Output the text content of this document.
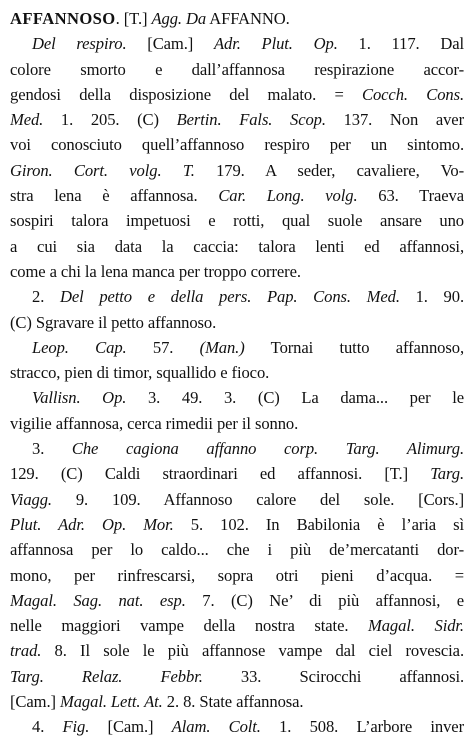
AFFANNOSO. [T.] Agg. Da AFFANNO.
Del respiro. [Cam.] Adr. Plut. Op. 1. 117. Dal
colore smorto e dall’affannosa respirazione accor-
gendosi della disposizione del malato. = Cocch. Cons.
Med. 1. 205. (C) Bertin. Fals. Scop. 137. Non aver
voi conosciuto quell’affannoso respiro per un sintomo.
Giron. Cort. volg. T. 179. A seder, cavaliere, Vo-
stra lena è affannosa. Car. Long. volg. 63. Traeva
sospiri talora impetuosi e rotti, qual suole ansare uno
a cui sia data la caccia: talora lenti ed affannosi,
come a chi la lena manca per troppo correre.
2. Del petto e della pers. Pap. Cons. Med. 1. 90.
(C) Sgravare il petto affannoso.
Leop. Cap. 57. (Man.) Tornai tutto affannoso,
stracco, pien di timor, squallido e fioco.
Vallisn. Op. 3. 49. 3. (C) La dama... per le
vigilie affannosa, cerca rimedii per il sonno.
3. Che cagiona affanno corp. Targ. Alimurg.
129. (C) Caldi straordinari ed affannosi. [T.] Targ.
Viagg. 9. 109. Affannoso calore del sole. [Cors.]
Plut. Adr. Op. Mor. 5. 102. In Babilonia è l’aria sì
affannosa per lo caldo... che i più de’mercatanti dor-
mono, per rinfrescarsi, sopra otri pieni d’acqua. =
Magal. Sag. nat. esp. 7. (C) Ne’ di più affannosi, e
nelle maggiori vampe della nostra state. Magal. Sidr.
trad. 8. Il sole le più affannose vampe dal ciel rovescia.
Targ. Relaz. Febbr. 33. Scirocchi affannosi.
[Cam.] Magal. Lett. At. 2. 8. State affannosa.
4. Fig. [Cam.] Alam. Colt. 1. 508. L’arbore inver
